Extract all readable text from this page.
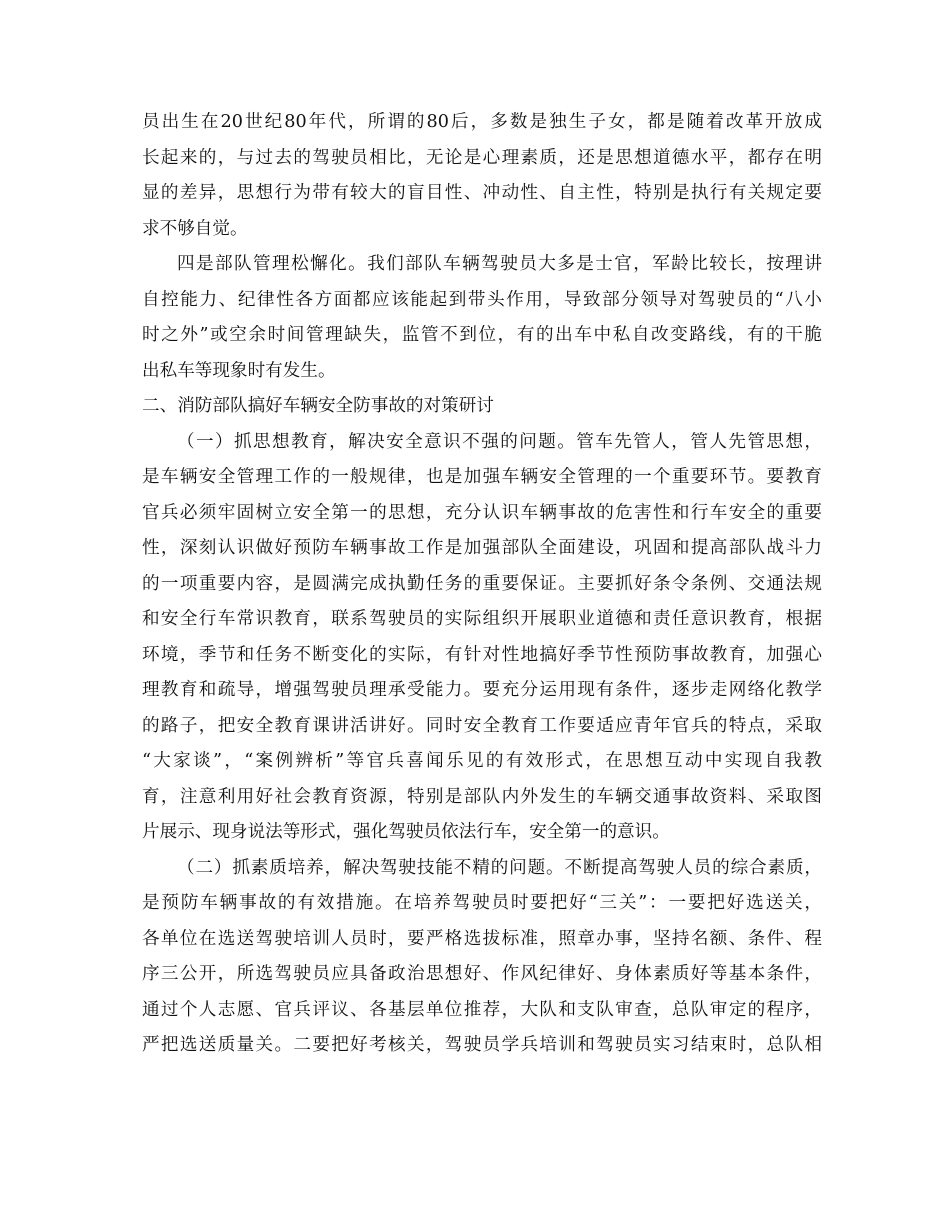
员出生在20世纪80年代，所谓的80后，多数是独生子女，都是随着改革开放成
长起来的，与过去的驾驶员相比，无论是心理素质，还是思想道德水平，都存在明
显的差异，思想行为带有较大的盲目性、冲动性、自主性，特别是执行有关规定要
求不够自觉。
四是部队管理松懈化。我们部队车辆驾驶员大多是士官，军龄比较长，按理讲
自控能力、纪律性各方面都应该能起到带头作用，导致部分领导对驾驶员的“八小
时之外”或空余时间管理缺失，监管不到位，有的出车中私自改变路线，有的干脆
出私车等现象时有发生。
二、消防部队搞好车辆安全防事故的对策研讨
（一）抓思想教育，解决安全意识不强的问题。管车先管人，管人先管思想，
是车辆安全管理工作的一般规律，也是加强车辆安全管理的一个重要环节。要教育
官兵必须牢固树立安全第一的思想，充分认识车辆事故的危害性和行车安全的重要
性，深刻认识做好预防车辆事故工作是加强部队全面建设，巩固和提高部队战斗力
的一项重要内容，是圆满完成执勤任务的重要保证。主要抓好条令条例、交通法规
和安全行车常识教育，联系驾驶员的实际组织开展职业道德和责任意识教育，根据
环境，季节和任务不断变化的实际，有针对性地搞好季节性预防事故教育，加强心
理教育和疏导，增强驾驶员理承受能力。要充分运用现有条件，逐步走网络化教学
的路子，把安全教育课讲活讲好。同时安全教育工作要适应青年官兵的特点，采取
“大家谈”，“案例辨析”等官兵喜闻乐见的有效形式，在思想互动中实现自我教
育，注意利用好社会教育资源，特别是部队内外发生的车辆交通事故资料、采取图
片展示、现身说法等形式，强化驾驶员依法行车，安全第一的意识。
（二）抓素质培养，解决驾驶技能不精的问题。不断提高驾驶人员的综合素质，
是预防车辆事故的有效措施。在培养驾驶员时要把好“三关”：一要把好选送关，
各单位在选送驾驶培训人员时，要严格选拔标准，照章办事，坚持名额、条件、程
序三公开，所选驾驶员应具备政治思想好、作风纪律好、身体素质好等基本条件，
通过个人志愿、官兵评议、各基层单位推荐，大队和支队审查，总队审定的程序，
严把选送质量关。二要把好考核关，驾驶员学兵培训和驾驶员实习结束时，总队相
